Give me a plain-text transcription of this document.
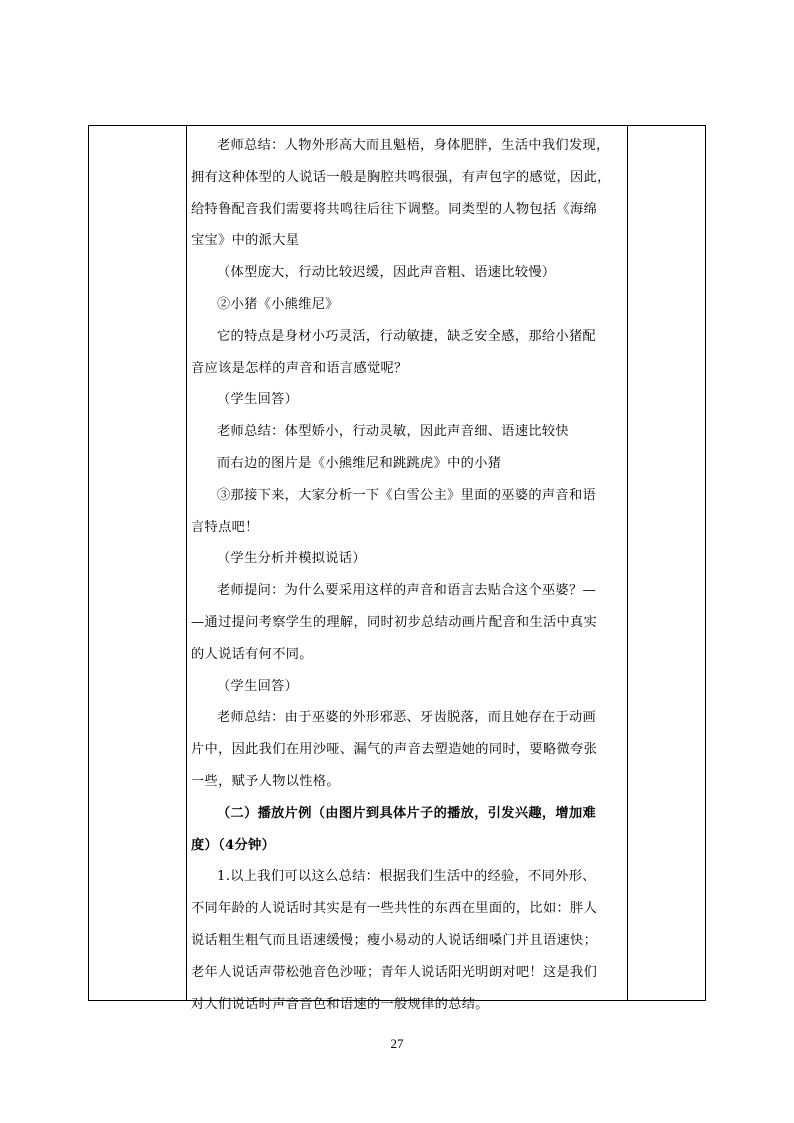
老师总结：人物外形高大而且魁梧，身体肥胖，生活中我们发现，
拥有这种体型的人说话一般是胸腔共鸣很强，有声包字的感觉，因此，
给特鲁配音我们需要将共鸣往后往下调整。同类型的人物包括《海绵
宝宝》中的派大星
（体型庞大，行动比较迟缓，因此声音粗、语速比较慢）
②小猪《小熊维尼》
它的特点是身材小巧灵活，行动敏捷，缺乏安全感，那给小猪配
音应该是怎样的声音和语言感觉呢？
（学生回答）
老师总结：体型娇小，行动灵敏，因此声音细、语速比较快
而右边的图片是《小熊维尼和跳跳虎》中的小猪
③那接下来，大家分析一下《白雪公主》里面的巫婆的声音和语
言特点吧！
（学生分析并模拟说话）
老师提问：为什么要采用这样的声音和语言去贴合这个巫婆？—
—通过提问考察学生的理解，同时初步总结动画片配音和生活中真实
的人说话有何不同。
（学生回答）
老师总结：由于巫婆的外形邪恶、牙齿脱落，而且她存在于动画
片中，因此我们在用沙哑、漏气的声音去塑造她的同时，要略微夸张
一些，赋予人物以性格。
（二）播放片例（由图片到具体片子的播放，引发兴趣，增加难
度）（4分钟）
1.以上我们可以这么总结：根据我们生活中的经验，不同外形、
不同年龄的人说话时其实是有一些共性的东西在里面的，比如：胖人
说话粗生粗气而且语速缓慢；瘦小易动的人说话细嗓门并且语速快；
老年人说话声带松弛音色沙哑；青年人说话阳光明朗对吧！这是我们
对人们说话时声音音色和语速的一般规律的总结。
27
